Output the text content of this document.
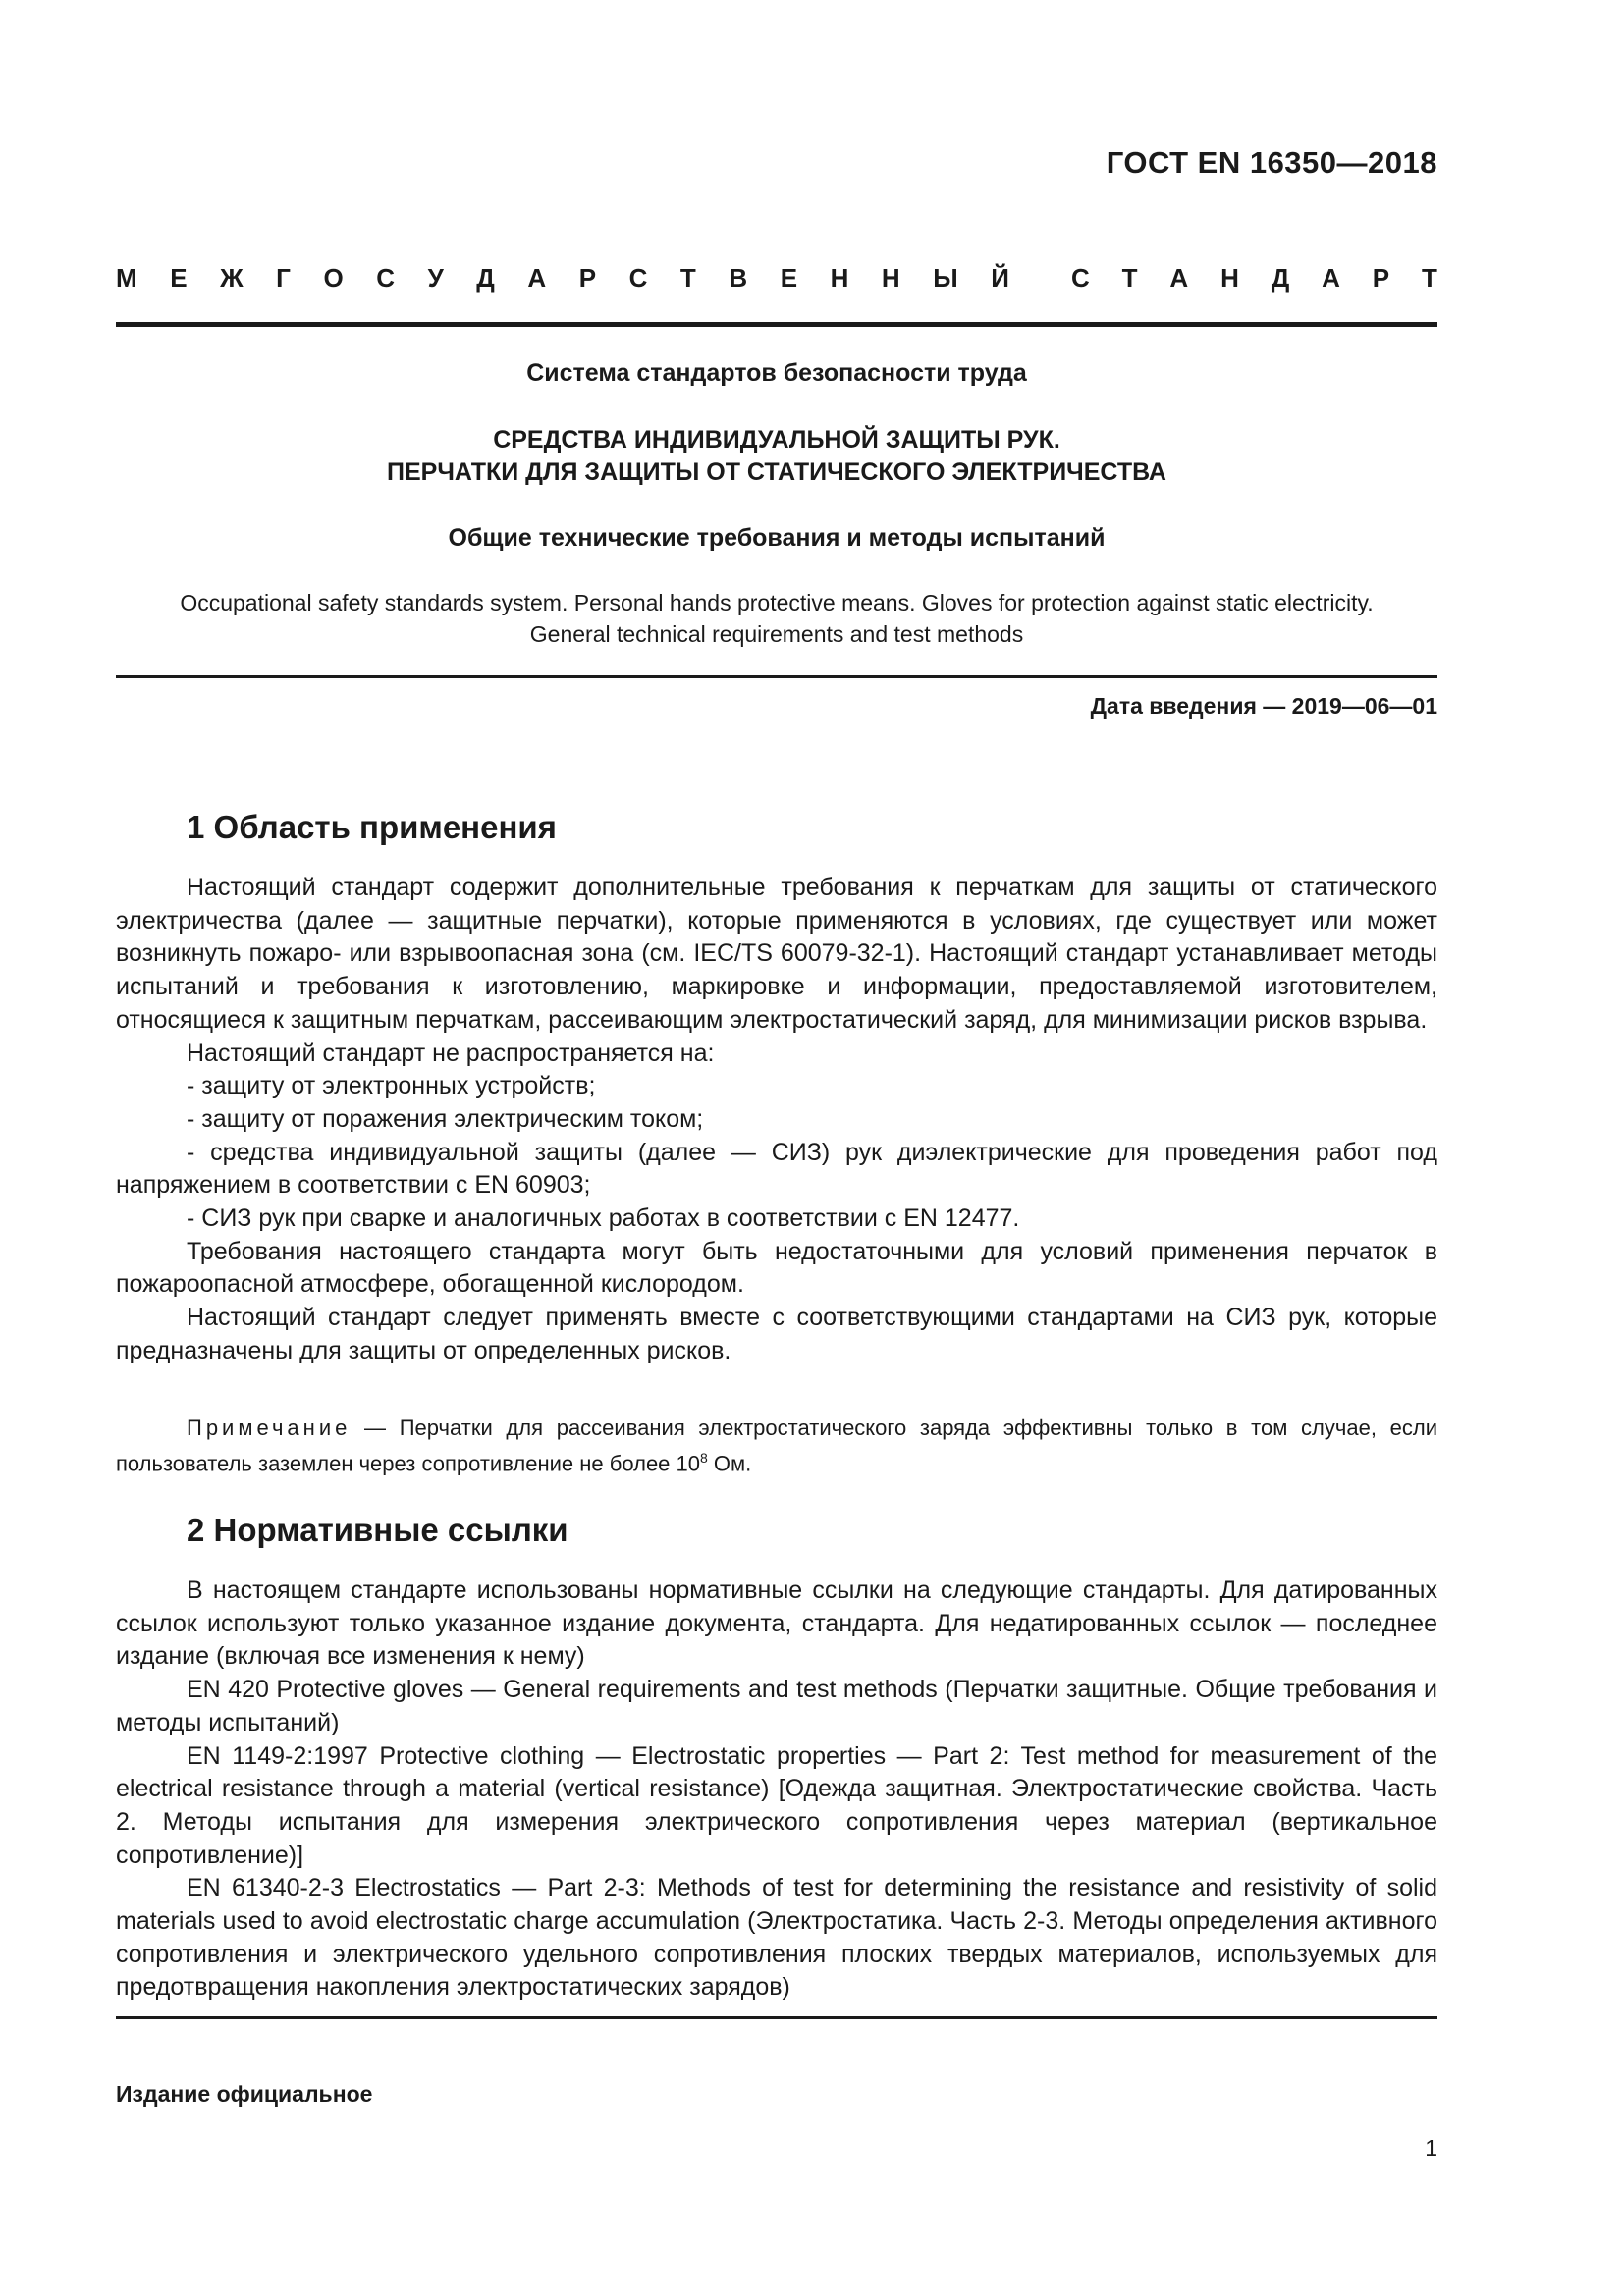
ГОСТ EN 16350—2018
М Е Ж Г О С У Д А Р С Т В Е Н Н Ы Й С Т А Н Д А Р Т
Система стандартов безопасности труда
СРЕДСТВА ИНДИВИДУАЛЬНОЙ ЗАЩИТЫ РУК.
ПЕРЧАТКИ ДЛЯ ЗАЩИТЫ ОТ СТАТИЧЕСКОГО ЭЛЕКТРИЧЕСТВА
Общие технические требования и методы испытаний
Occupational safety standards system. Personal hands protective means. Gloves for protection against static electricity.
General technical requirements and test methods
Дата введения — 2019—06—01
1 Область применения

Настоящий стандарт содержит дополнительные требования к перчаткам для защиты от статического электричества (далее — защитные перчатки), которые применяются в условиях, где существует или может возникнуть пожаро- или взрывоопасная зона (см. IEC/TS 60079-32-1). Настоящий стандарт устанавливает методы испытаний и требования к изготовлению, маркировке и информации, предоставляемой изготовителем, относящиеся к защитным перчаткам, рассеивающим электростатический заряд, для минимизации рисков взрыва.

Настоящий стандарт не распространяется на:

- защиту от электронных устройств;

- защиту от поражения электрическим током;

- средства индивидуальной защиты (далее — СИЗ) рук диэлектрические для проведения работ под напряжением в соответствии с EN 60903;

- СИЗ рук при сварке и аналогичных работах в соответствии с EN 12477.

Требования настоящего стандарта могут быть недостаточными для условий применения перчаток в пожароопасной атмосфере, обогащенной кислородом.

Настоящий стандарт следует применять вместе с соответствующими стандартами на СИЗ рук, которые предназначены для защиты от определенных рисков.

Примечание — Перчатки для рассеивания электростатического заряда эффективны только в том случае, если пользователь заземлен через сопротивление не более $10^8$ Ом.
2 Нормативные ссылки

В настоящем стандарте использованы нормативные ссылки на следующие стандарты. Для датированных ссылок используют только указанное издание документа, стандарта. Для недатированных ссылок — последнее издание (включая все изменения к нему)

EN 420 Protective gloves — General requirements and test methods (Перчатки защитные. Общие требования и методы испытаний)

EN 1149-2:1997 Protective clothing — Electrostatic properties — Part 2: Test method for measurement of the electrical resistance through a material (vertical resistance) [Одежда защитная. Электростатические свойства. Часть 2. Методы испытания для измерения электрического сопротивления через материал (вертикальное сопротивление)]

EN 61340-2-3 Electrostatics — Part 2-3: Methods of test for determining the resistance and resistivity of solid materials used to avoid electrostatic charge accumulation (Электростатика. Часть 2-3. Методы определения активного сопротивления и электрического удельного сопротивления плоских твердых материалов, используемых для предотвращения накопления электростатических зарядов)

Издание официальное
1
